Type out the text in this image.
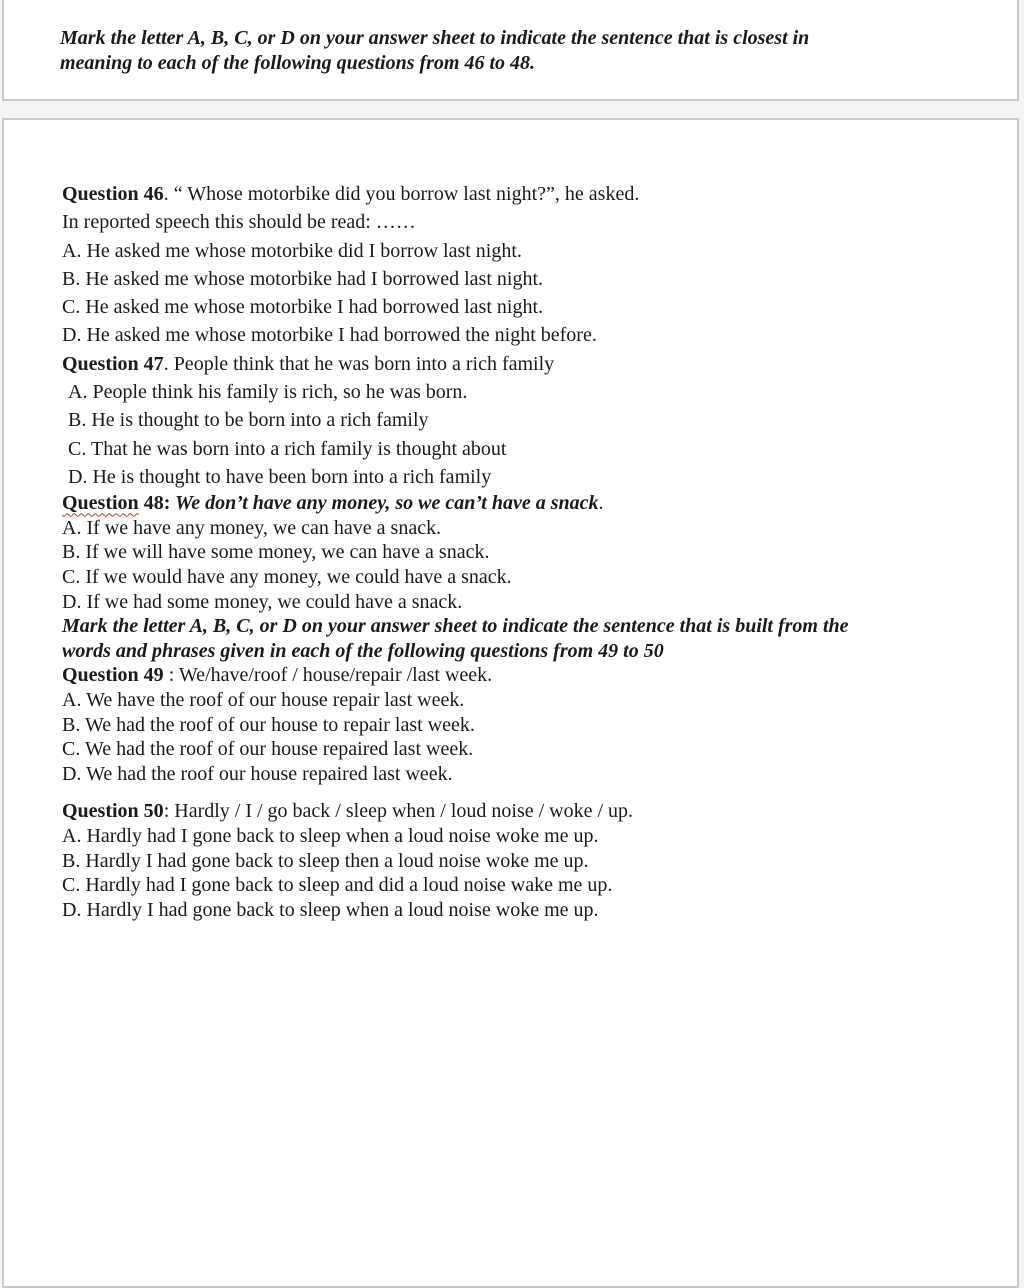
Mark the letter A, B, C, or D on your answer sheet to indicate the sentence that is closest in
meaning to each of the following questions from 46 to 48.
Question 46. “ Whose motorbike did you borrow last night?”, he asked.
In reported speech this should be read: ……
A. He asked me whose motorbike did I borrow last night.
B. He asked me whose motorbike had I borrowed last night.
C. He asked me whose motorbike I had borrowed last night.
D. He asked me whose motorbike I had borrowed the night before.
Question 47. People think that he was born into a rich family
A. People think his family is rich, so he was born.
B. He is thought to be born into a rich family
C. That he was born into a rich family is thought about
D. He is thought to have been born into a rich family
Question 48: We don’t have any money, so we can’t have a snack.
A. If we have any money, we can have a snack.
B. If we will have some money, we can have a snack.
C. If we would have any money, we could have a snack.
D. If we had some money, we could have a snack.
Mark the letter A, B, C, or D on your answer sheet to indicate the sentence that is built from the
words and phrases given in each of the following questions from 49 to 50
Question 49 : We/have/roof / house/repair /last week.
A. We have the roof of our house repair last week.
B. We had the roof of our house to repair last week.
C. We had the roof of our house repaired last week.
D. We had the roof our house repaired last week.
Question 50: Hardly / I / go back / sleep when / loud noise / woke / up.
A. Hardly had I gone back to sleep when a loud noise woke me up.
B. Hardly I had gone back to sleep then a loud noise woke me up.
C. Hardly had I gone back to sleep and did a loud noise wake me up.
D. Hardly I had gone back to sleep when a loud noise woke me up.
